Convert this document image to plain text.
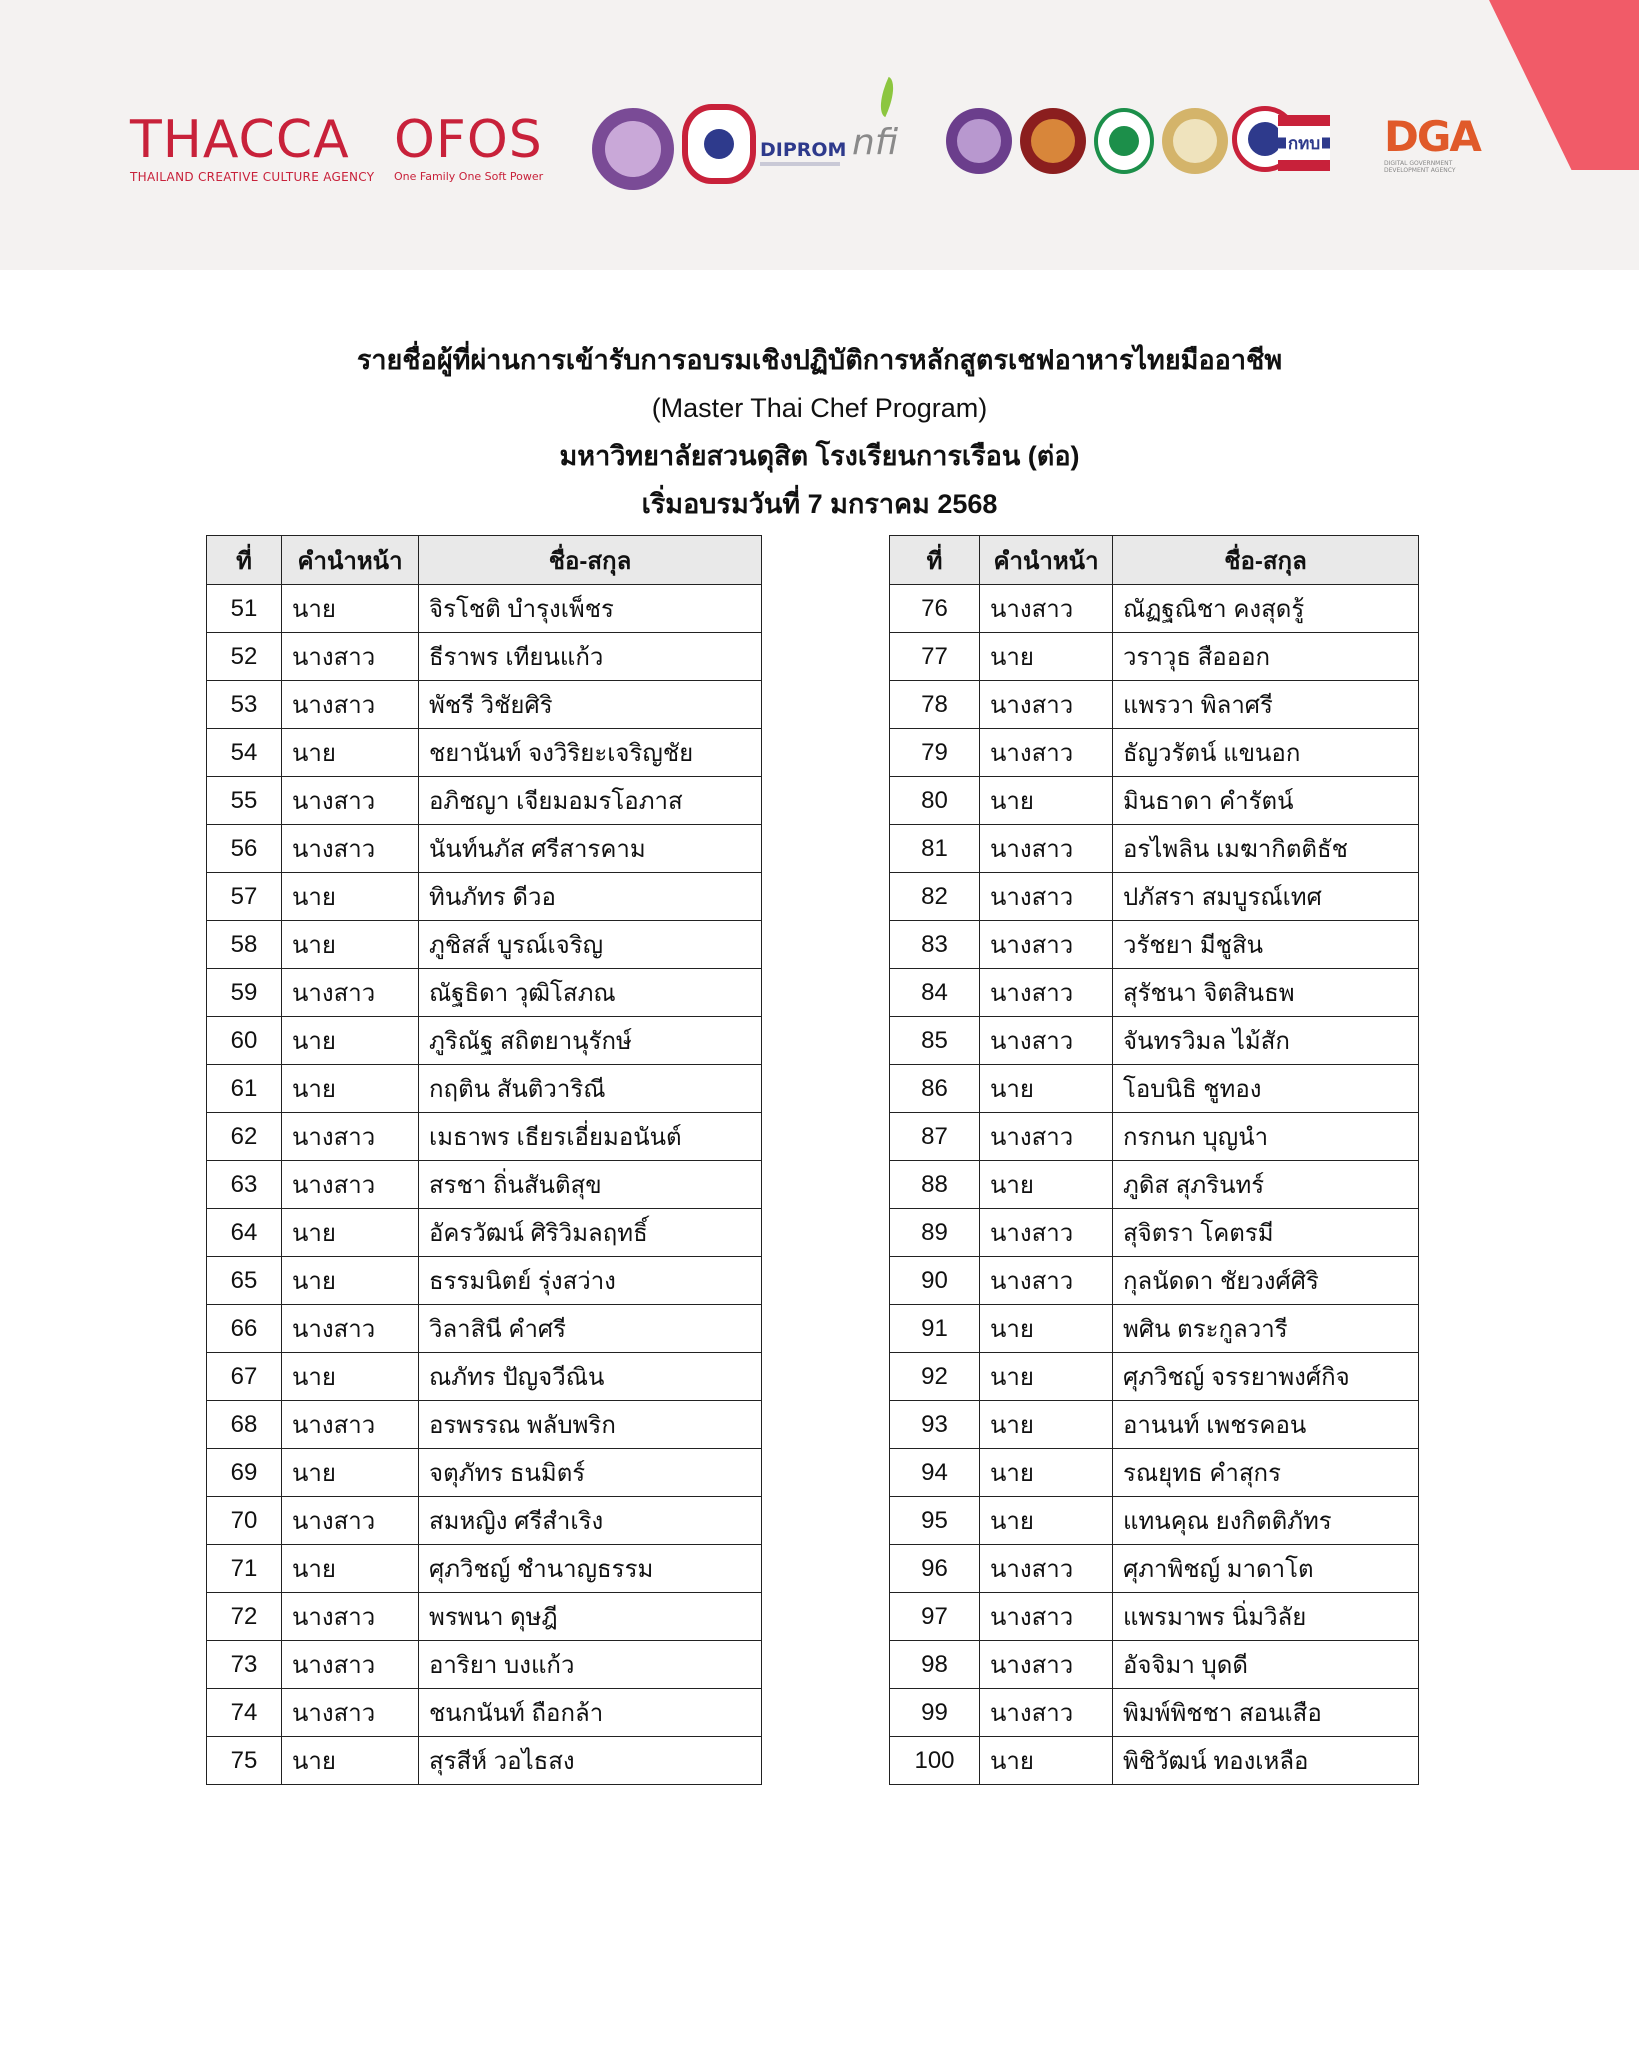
THACCA
THAILAND CREATIVE CULTURE AGENCY
OFOS
One Family One Soft Power
DIPROM nfi	กทบ DGA
DIGITAL GOVERNMENT DEVELOPMENT AGENCY
รายชื่อผู้ที่ผ่านการเข้ารับการอบรมเชิงปฏิบัติการหลักสูตรเชฟอาหารไทยมืออาชีพ
(Master Thai Chef Program)
มหาวิทยาลัยสวนดุสิต โรงเรียนการเรือน (ต่อ)
เริ่มอบรมวันที่ 7 มกราคม 2568
ที่	คำนำหน้า	ชื่อ-สกุล
51	นาย	จิรโชติ บำรุงเพ็ชร
52	นางสาว	ธีราพร เทียนแก้ว
53	นางสาว	พัชรี วิชัยศิริ
54	นาย	ชยานันท์ จงวิริยะเจริญชัย
55	นางสาว	อภิชญา เจียมอมรโอภาส
56	นางสาว	นันท์นภัส ศรีสารคาม
57	นาย	ทินภัทร ดีวอ
58	นาย	ภูชิสส์ บูรณ์เจริญ
59	นางสาว	ณัฐธิดา วุฒิโสภณ
60	นาย	ภูริณัฐ สถิตยานุรักษ์
61	นาย	กฤติน สันติวาริณี
62	นางสาว	เมธาพร เธียรเอี่ยมอนันต์
63	นางสาว	สรชา ถิ่นสันติสุข
64	นาย	อัครวัฒน์ ศิริวิมลฤทธิ์
65	นาย	ธรรมนิตย์ รุ่งสว่าง
66	นางสาว	วิลาสินี คำศรี
67	นาย	ณภัทร ปัญจวีณิน
68	นางสาว	อรพรรณ พลับพริก
69	นาย	จตุภัทร ธนมิตร์
70	นางสาว	สมหญิง ศรีสำเริง
71	นาย	ศุภวิชญ์ ชำนาญธรรม
72	นางสาว	พรพนา ดุษฎี
73	นางสาว	อาริยา บงแก้ว
74	นางสาว	ชนกนันท์ ถือกล้า
75	นาย	สุรสีห์ วอไธสง
ที่	คำนำหน้า	ชื่อ-สกุล
76	นางสาว	ณัฏฐณิชา คงสุดรู้
77	นาย	วราวุธ สือออก
78	นางสาว	แพรวา พิลาศรี
79	นางสาว	ธัญวรัตน์ แขนอก
80	นาย	มินธาดา คำรัตน์
81	นางสาว	อรไพลิน เมฆากิตติธัช
82	นางสาว	ปภัสรา สมบูรณ์เทศ
83	นางสาว	วรัชยา มีชูสิน
84	นางสาว	สุรัชนา จิตสินธพ
85	นางสาว	จันทรวิมล ไม้สัก
86	นาย	โอบนิธิ ชูทอง
87	นางสาว	กรกนก บุญนำ
88	นาย	ภูดิส สุภรินทร์
89	นางสาว	สุจิตรา โคตรมี
90	นางสาว	กุลนัดดา ชัยวงศ์ศิริ
91	นาย	พศิน ตระกูลวารี
92	นาย	ศุภวิชญ์ จรรยาพงศ์กิจ
93	นาย	อานนท์ เพชรคอน
94	นาย	รณยุทธ คำสุกร
95	นาย	แทนคุณ ยงกิตติภัทร
96	นางสาว	ศุภาพิชญ์ มาดาโต
97	นางสาว	แพรมาพร นิ่มวิลัย
98	นางสาว	อัจจิมา บุดดี
99	นางสาว	พิมพ์พิชชา สอนเสือ
100	นาย	พิชิวัฒน์ ทองเหลือ
